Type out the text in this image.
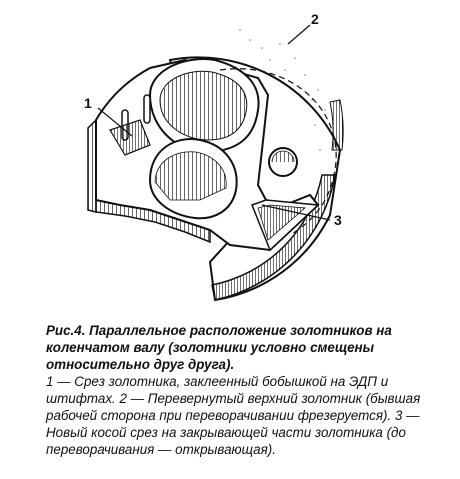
1
2
3

Рис.4. Параллельное расположение золотников на коленчатом валу (золотники условно смещены относительно друг друга).

1 — Срез золотника, заклеенный бобышкой на ЭДП и штифтах. 2 — Перевернутый верхний золотник (бывшая рабочей сторона при переворачивании фрезеруется). 3 — Новый косой срез на закрывающей части золотника (до переворачивания — открывающая).
